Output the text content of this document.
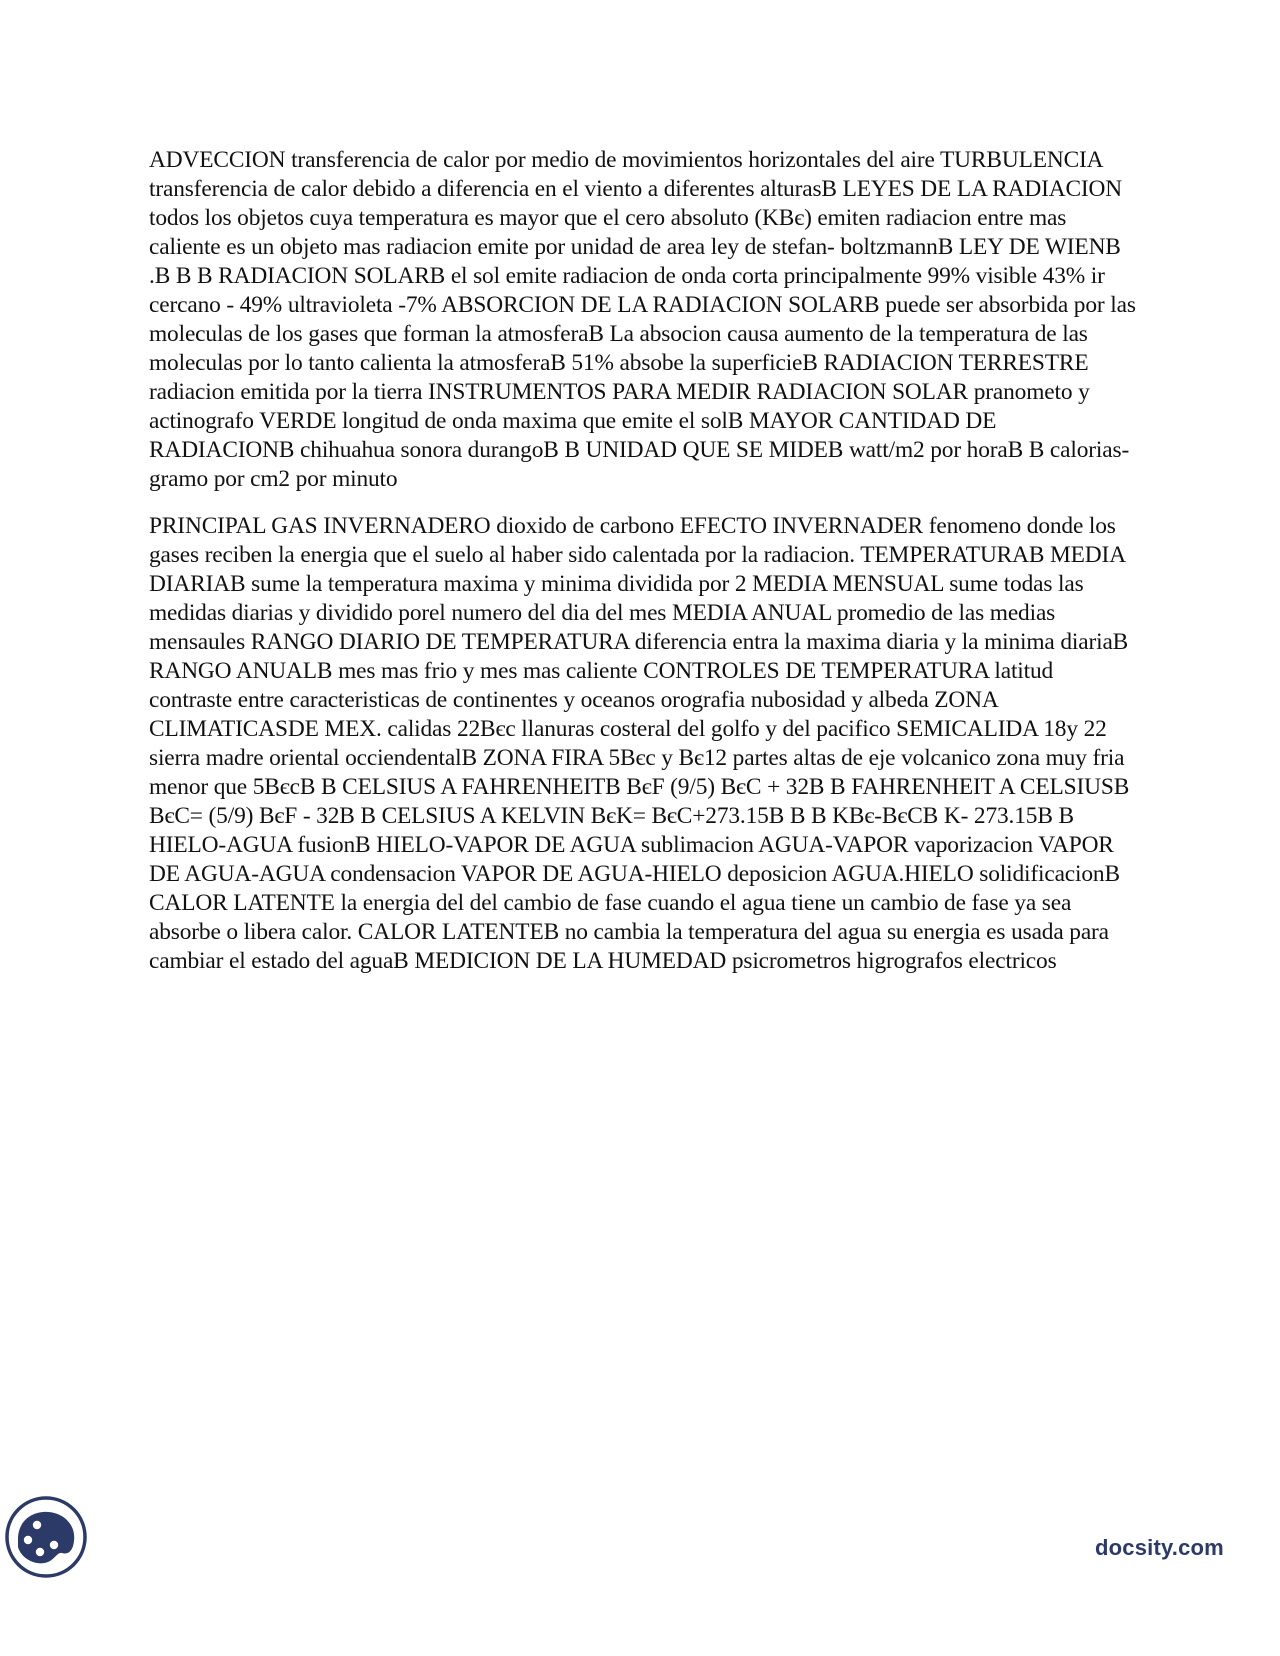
ADVECCION transferencia de calor por medio de movimientos horizontales del aire TURBULENCIA transferencia de calor debido a diferencia en el viento a diferentes alturasB LEYES DE LA RADIACION todos los objetos cuya temperatura es mayor que el cero absoluto (KBє) emiten radiacion entre mas caliente es un objeto mas radiacion emite por unidad de area ley de stefan- boltzmannB LEY DE WIENB .B B B RADIACION SOLARB el sol emite radiacion de onda corta principalmente 99% visible 43% ir cercano - 49% ultravioleta -7% ABSORCION DE LA RADIACION SOLARB puede ser absorbida por las moleculas de los gases que forman la atmosferaB La absocion causa aumento de la temperatura de las moleculas por lo tanto calienta la atmosferaB 51% absobe la superficieB RADIACION TERRESTRE radiacion emitida por la tierra INSTRUMENTOS PARA MEDIR RADIACION SOLAR pranometo y actinografo VERDE longitud de onda maxima que emite el solB MAYOR CANTIDAD DE RADIACIONB chihuahua sonora durangoB B UNIDAD QUE SE MIDEB watt/m2 por horaB B calorias-gramo por cm2 por minuto

PRINCIPAL GAS INVERNADERO dioxido de carbono EFECTO INVERNADER fenomeno donde los gases reciben la energia que el suelo al haber sido calentada por la radiacion. TEMPERATURAB MEDIA DIARIAB sume la temperatura maxima y minima dividida por 2 MEDIA MENSUAL sume todas las medidas diarias y dividido porel numero del dia del mes MEDIA ANUAL promedio de las medias mensaules RANGO DIARIO DE TEMPERATURA diferencia entra la maxima diaria y la minima diariaB RANGO ANUALB mes mas frio y mes mas caliente CONTROLES DE TEMPERATURA latitud contraste entre caracteristicas de continentes y oceanos orografia nubosidad y albeda ZONA CLIMATICASDE MEX. calidas 22Bєc llanuras costeral del golfo y del pacifico SEMICALIDA 18y 22 sierra madre oriental occiendentalB ZONA FIRA 5Bєc y Bє12 partes altas de eje volcanico zona muy fria menor que 5BєcB B CELSIUS A FAHRENHEITB BєF (9/5) BєC + 32B B FAHRENHEIT A CELSIUSB BєC= (5/9) BєF - 32B B CELSIUS A KELVIN BєK= BєC+273.15B B B KBє-BєCB K- 273.15B B HIELO-AGUA fusionB HIELO-VAPOR DE AGUA sublimacion AGUA-VAPOR vaporizacion VAPOR DE AGUA-AGUA condensacion VAPOR DE AGUA-HIELO deposicion AGUA.HIELO solidificacionB CALOR LATENTE la energia del del cambio de fase cuando el agua tiene un cambio de fase ya sea absorbe o libera calor. CALOR LATENTEB no cambia la temperatura del agua su energia es usada para cambiar el estado del aguaB MEDICION DE LA HUMEDAD psicrometros higrografos electricos

docsity.com
